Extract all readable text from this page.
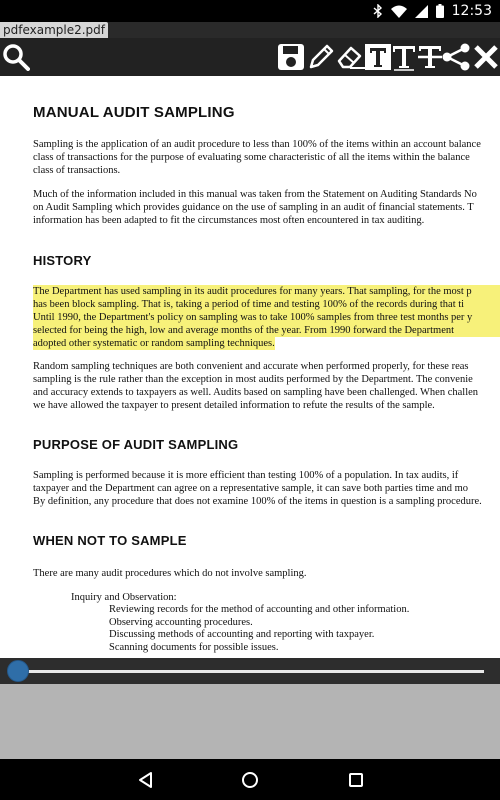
12:53
pdfexample2.pdf
MANUAL AUDIT SAMPLING

Sampling is the application of an audit procedure to less than 100% of the items within an account balance
class of transactions for the purpose of evaluating some characteristic of all the items within the balance
class of transactions.

Much of the information included in this manual was taken from the Statement on Auditing Standards No
on Audit Sampling which provides guidance on the use of sampling in an audit of financial statements. T
information has been adapted to fit the circumstances most often encountered in tax auditing.

HISTORY

The Department has used sampling in its audit procedures for many years. That sampling, for the most p
has been block sampling. That is, taking a period of time and testing 100% of the records during that ti
Until 1990, the Department's policy on sampling was to take 100% samples from three test months per y
selected for being the high, low and average months of the year. From 1990 forward the Department
adopted other systematic or random sampling techniques.

Random sampling techniques are both convenient and accurate when performed properly, for these reas
sampling is the rule rather than the exception in most audits performed by the Department. The convenie
and accuracy extends to taxpayers as well. Audits based on sampling have been challenged. When challen
we have allowed the taxpayer to present detailed information to refute the results of the sample.

PURPOSE OF AUDIT SAMPLING

Sampling is performed because it is more efficient than testing 100% of a population. In tax audits, if
taxpayer and the Department can agree on a representative sample, it can save both parties time and mo
By definition, any procedure that does not examine 100% of the items in question is a sampling procedure.

WHEN NOT TO SAMPLE

There are many audit procedures which do not involve sampling.

Inquiry and Observation:
Reviewing records for the method of accounting and other information.
Observing accounting procedures.
Discussing methods of accounting and reporting with taxpayer.
Scanning documents for possible issues.
